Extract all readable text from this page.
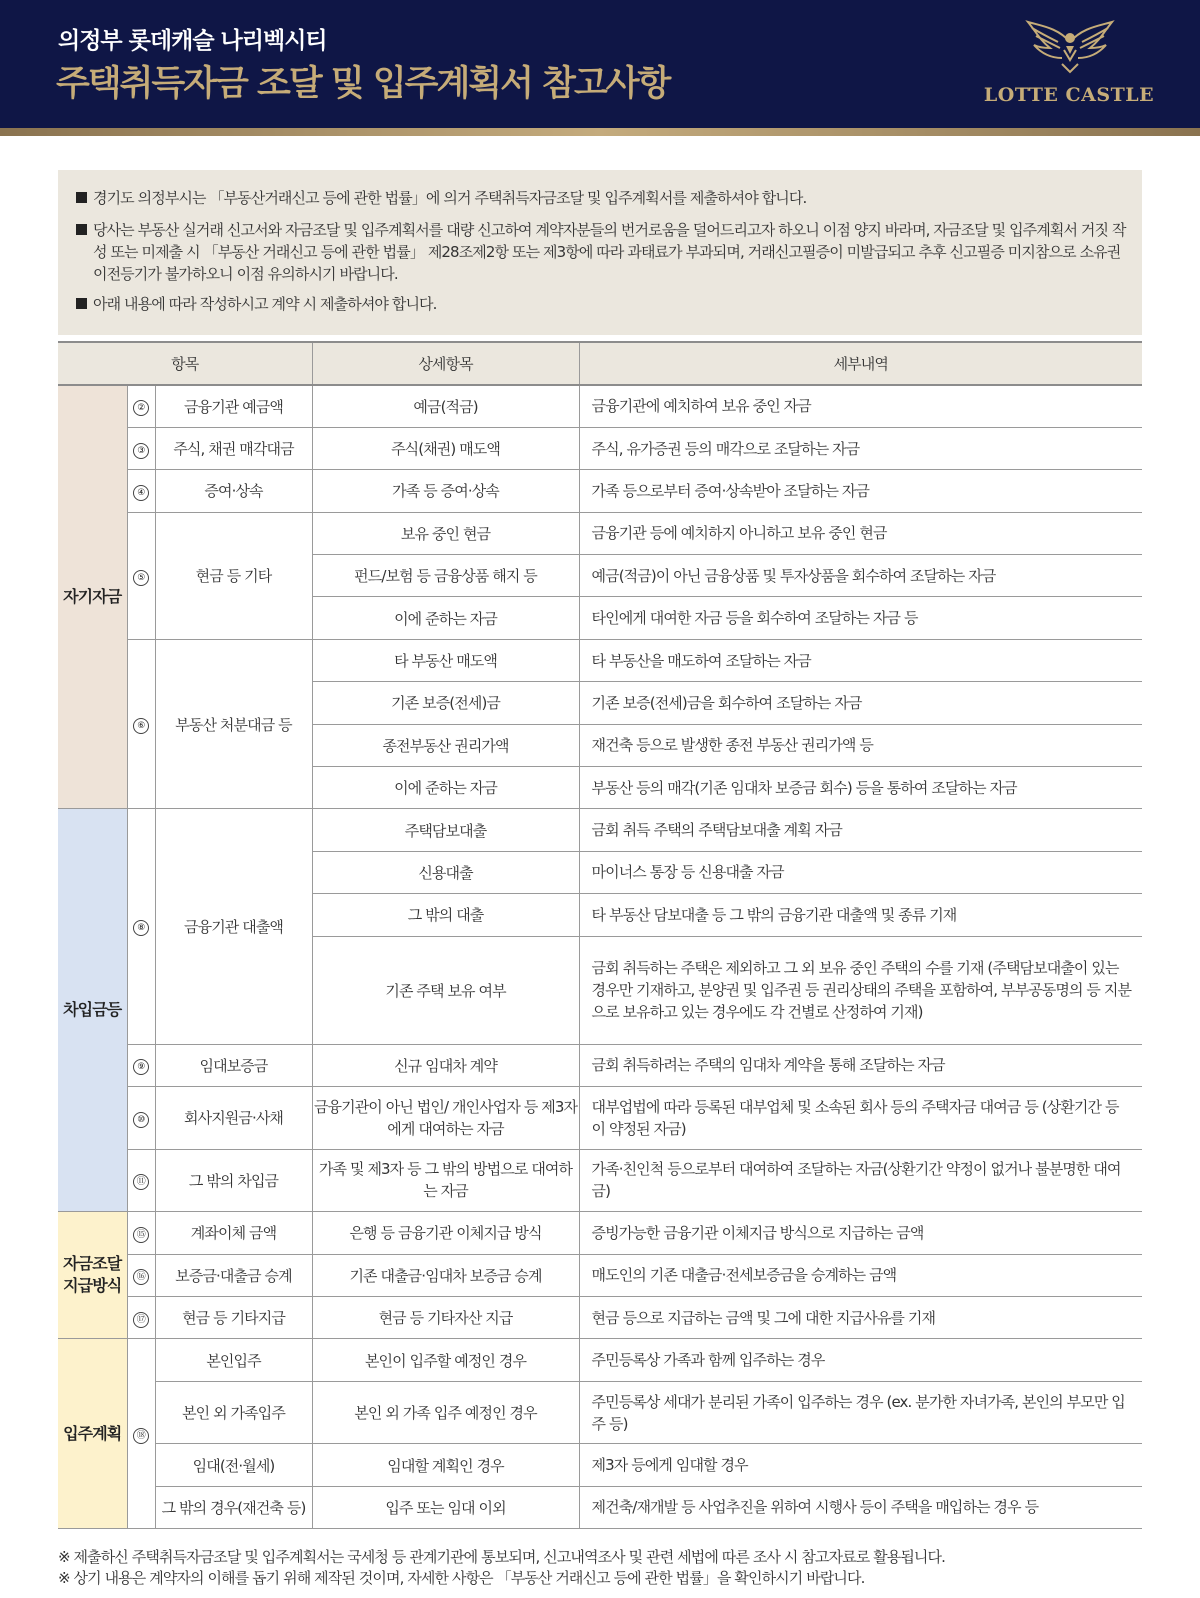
의정부 롯데캐슬 나리벡시티
주택취득자금 조달 및 입주계획서 참고사항	LOTTE CASTLE
경기도 의정부시는 「부동산거래신고 등에 관한 법률」에 의거 주택취득자금조달 및 입주계획서를 제출하셔야 합니다.
당사는 부동산 실거래 신고서와 자금조달 및 입주계획서를 대량 신고하여 계약자분들의 번거로움을 덜어드리고자 하오니 이점 양지 바라며, 자금조달 및 입주계획서 거짓 작성 또는 미제출 시 「부동산 거래신고 등에 관한 법률」 제28조제2항 또는 제3항에 따라 과태료가 부과되며, 거래신고필증이 미발급되고 추후 신고필증 미지참으로 소유권이전등기가 불가하오니 이점 유의하시기 바랍니다.
아래 내용에 따라 작성하시고 계약 시 제출하셔야 합니다.
항목			상세항목	세부내역
자기자금	②	금융기관 예금액	예금(적금)	금융기관에 예치하여 보유 중인 자금
	③	주식, 채권 매각대금	주식(채권) 매도액	주식, 유가증권 등의 매각으로 조달하는 자금
	④	증여·상속	가족 등 증여·상속	가족 등으로부터 증여·상속받아 조달하는 자금
	⑤	현금 등 기타	보유 중인 현금	금융기관 등에 예치하지 아니하고 보유 중인 현금
			펀드/보험 등 금융상품 해지 등	예금(적금)이 아닌 금융상품 및 투자상품을 회수하여 조달하는 자금
			이에 준하는 자금	타인에게 대여한 자금 등을 회수하여 조달하는 자금 등
	⑥	부동산 처분대금 등	타 부동산 매도액	타 부동산을 매도하여 조달하는 자금
			기존 보증(전세)금	기존 보증(전세)금을 회수하여 조달하는 자금
			종전부동산 권리가액	재건축 등으로 발생한 종전 부동산 권리가액 등
			이에 준하는 자금	부동산 등의 매각(기존 임대차 보증금 회수) 등을 통하여 조달하는 자금
차입금등	⑧	금융기관 대출액	주택담보대출	금회 취득 주택의 주택담보대출 계획 자금
			신용대출	마이너스 통장 등 신용대출 자금
			그 밖의 대출	타 부동산 담보대출 등 그 밖의 금융기관 대출액 및 종류 기재
			기존 주택 보유 여부	금회 취득하는 주택은 제외하고 그 외 보유 중인 주택의 수를 기재 (주택담보대출이 있는 경우만 기재하고, 분양권 및 입주권 등 권리상태의 주택을 포함하여, 부부공동명의 등 지분으로 보유하고 있는 경우에도 각 건별로 산정하여 기재)
	⑨	임대보증금	신규 임대차 계약	금회 취득하려는 주택의 임대차 계약을 통해 조달하는 자금
	⑩	회사지원금·사채	금융기관이 아닌 법인/ 개인사업자 등 제3자에게 대여하는 자금	대부업법에 따라 등록된 대부업체 및 소속된 회사 등의 주택자금 대여금 등 (상환기간 등이 약정된 자금)
	⑪	그 밖의 차입금	가족 및 제3자 등 그 밖의 방법으로 대여하는 자금	가족·친인척 등으로부터 대여하여 조달하는 자금(상환기간 약정이 없거나 불분명한 대여금)
자금조달 지급방식	⑮	계좌이체 금액	은행 등 금융기관 이체지급 방식	증빙가능한 금융기관 이체지급 방식으로 지급하는 금액
	⑯	보증금·대출금 승계	기존 대출금·임대차 보증금 승계	매도인의 기존 대출금·전세보증금을 승계하는 금액
	⑰	현금 등 기타지급	현금 등 기타자산 지급	현금 등으로 지급하는 금액 및 그에 대한 지급사유를 기재
입주계획	⑱	본인입주	본인이 입주할 예정인 경우	주민등록상 가족과 함께 입주하는 경우
		본인 외 가족입주	본인 외 가족 입주 예정인 경우	주민등록상 세대가 분리된 가족이 입주하는 경우 (ex. 분가한 자녀가족, 본인의 부모만 입주 등)
		임대(전·월세)	임대할 계획인 경우	제3자 등에게 임대할 경우
		그 밖의 경우(재건축 등)	입주 또는 임대 이외	제건축/재개발 등 사업추진을 위하여 시행사 등이 주택을 매입하는 경우 등
※ 제출하신 주택취득자금조달 및 입주계획서는 국세청 등 관계기관에 통보되며, 신고내역조사 및 관련 세법에 따른 조사 시 참고자료로 활용됩니다.
※ 상기 내용은 계약자의 이해를 돕기 위해 제작된 것이며, 자세한 사항은 「부동산 거래신고 등에 관한 법률」을 확인하시기 바랍니다.
